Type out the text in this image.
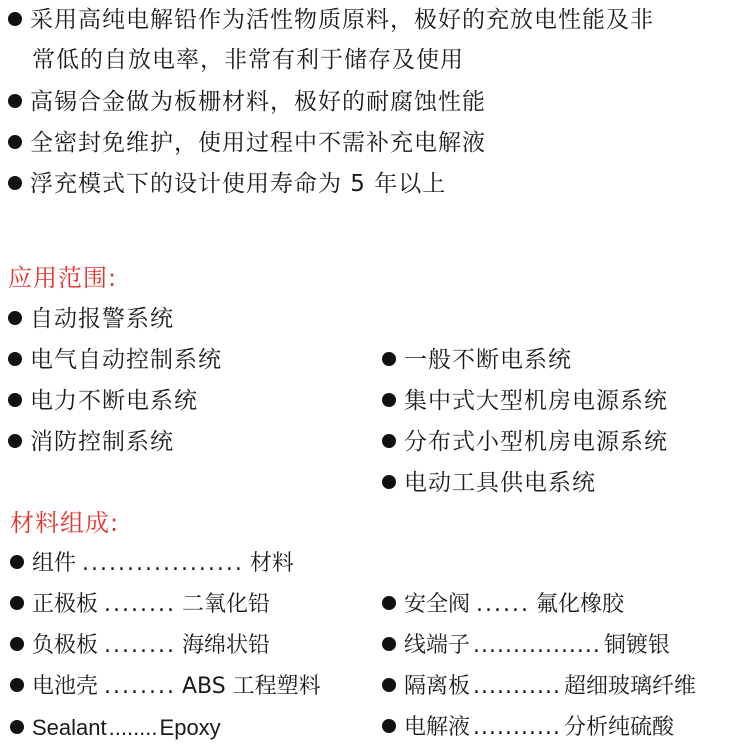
采用高纯电解铅作为活性物质原料，极好的充放电性能及非
常低的自放电率，非常有利于储存及使用
高锡合金做为板栅材料，极好的耐腐蚀性能
全密封免维护，使用过程中不需补充电解液
浮充模式下的设计使用寿命为 5 年以上
应用范围:
自动报警系统
电气自动控制系统
电力不断电系统
消防控制系统
一般不断电系统
集中式大型机房电源系统
分布式小型机房电源系统
电动工具供电系统
材料组成:
组件 .................. 材料
正极板 ........ 二氧化铅
负极板 ........ 海绵状铅
电池壳 ........ ABS 工程塑料
Sealant........Epoxy
安全阀 ...... 氟化橡胶
线端子 ................ 铜镀银
隔离板 ........... 超细玻璃纤维
电解液 ........... 分析纯硫酸
